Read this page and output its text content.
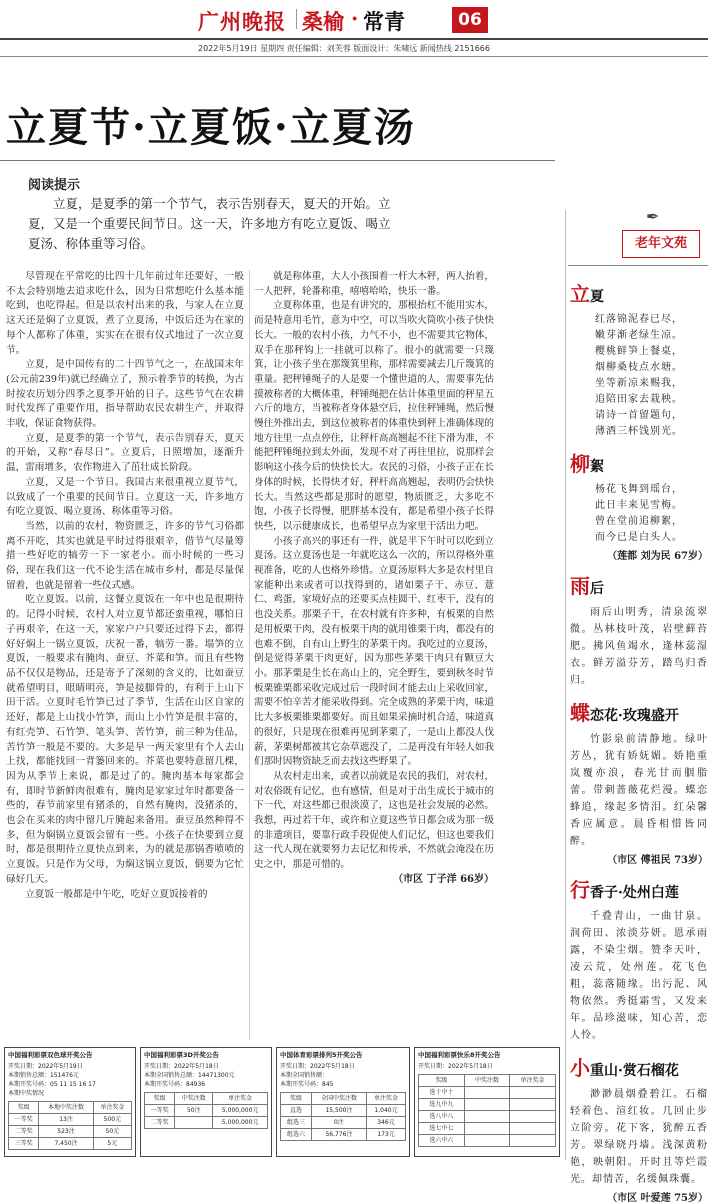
广州晚报 桑榆 · 常青	06
2022年5月19日 星期四 责任编辑：刘芙蓉 版面设计：朱啸远 新闻热线 2151666
立夏节·立夏饭·立夏汤
阅读提示
立夏，是夏季的第一个节气，表示告别春天，夏天的开始。立夏，又是一个重要民间节日。这一天，许多地方有吃立夏饭、喝立夏汤、称体重等习俗。

尽管现在平常吃的比四十几年前过年还要好，一般不太会特别地去追求吃什么，因为日常想吃什么基本能吃到，也吃得起。但是以农村出来的我，与家人在立夏这天还是焖了立夏饭，煮了立夏汤，中饭后还为在家的每个人都称了体重，实实在在很有仪式地过了一次立夏节。

立夏，是中国传有的二十四节气之一，在战国末年(公元前239年)就已经确立了，预示着季节的转换，为古时按农历划分四季之夏季开始的日子。这些节气在农耕时代发挥了重要作用，指导帮助农民农耕生产，并取得丰收，保证食物获得。

立夏，是夏季的第一个节气，表示告别春天，夏天的开始，又称“春尽日”。立夏后，日照增加，逐渐升温，雷雨增多，农作物进入了茁壮成长阶段。

立夏，又是一个节日。我国古来很重视立夏节气，以致成了一个重要的民间节日。立夏这一天，许多地方有吃立夏饭、喝立夏汤、称体重等习俗。

当然，以前的农村，物资匮乏，许多的节气习俗都离不开吃，其实也就是平时过得很艰辛，借节气尽量筹措一些好吃的犒劳一下一家老小。而小时候的一些习俗，现在我们这一代不论生活在城市乡村，都是尽量保留着，也就是留着一些仪式感。

吃立夏饭。以前，这餐立夏饭在一年中也是很期待的。记得小时候，农村人对立夏节都还蛮重视，哪怕日子再艰辛，在这一天，家家户户只要还过得下去，都得好好焖上一锅立夏饭，庆祝一番，犒劳一番。塌笋的立夏饭，一般要求有腌肉、蚕豆、芥菜和笋。而且有些物品不仅仅是物品，还是寄予了深刻的含义的，比如蚕豆就希望明目，眼睛明亮，笋是接脚骨的，有利于上山下田干活。立夏时毛竹笋已过了季节，生活在山区自家的还好，都是上山找小竹笋，而山上小竹笋是很丰富的，有红壳笋、石竹笋、笔头笋、苦竹笋，前三种为佳品，苦竹笋一般是不要的。大多是早一两天家里有个人去山上找，都能找回一背篓回来的。芥菜也要特意留几棵，因为从季节上来说，都是过了的。腌肉基本每家都会有，即时节新鲜肉很难有，腌肉是家家过年时都要备一些的，春节前家里有猪杀的，自然有腌肉，没猪杀的，也会在买来的肉中留几斤腌起来备用。蚕豆虽然种得不多，但为焖锅立夏饭会留有一些。小孩子在快要到立夏时，都是很期待立夏快点到来，为的就是那锅香喷喷的立夏饭。只是作为父母，为焖这锅立夏饭，倒要为它忙碌好几天。

立夏饭一般都是中午吃，吃好立夏饭接着的

就是称体重，大人小孩围着一杆大木秤，两人抬着，一人把秤，轮番称重，嘻嘻哈哈，快乐一番。

立夏称体重，也是有讲究的，那根抬杠不能用实木，而是特意用毛竹，意为中空，可以当吹火筒吹小孩子快快长大。一般的农村小孩，力气不小，也不需要其它物体，双手在那秤钩上一挂就可以称了。很小的就需要一只篾箕，让小孩子坐在那篾箕里称，那样需要减去几斤篾箕的重量。把秤锤绳子的人是要一个懂世道的人，需要事先估摸被称者的大概体重，秤锤绳把在估计体重里面的秤星五六斤的地方，当被称者身体悬空后，拉住秤锤绳，然后慢慢往外推出去，到这位被称者的体重快到秤上准确体现的地方往里一点点停住，让秤杆高高翘起不往下滑为准，不能把秤锤绳拉到太外面，发现不对了再往里拉，说那样会影响这小孩今后的快快长大。农民的习俗，小孩子正在长身体的时候，长得快才好，秤杆高高翘起，表明仍会快快长大。当然这些都是那时的愿望，物质匮乏，大多吃不饱，小孩子长得慢，肥胖基本没有，都是希望小孩子长得快些，以示健康成长，也希望早点为家里干活出力吧。

小孩子高兴的事还有一件，就是半下午时可以吃到立夏汤。这立夏汤也是一年就吃这么一次的，所以得格外重视准备，吃的人也格外珍惜。立夏汤原料大多是农村里自家能种出来或者可以找得到的，诸如栗子干、赤豆、薏仁、鸡蛋，家境好点的还要买点桂圆干、红枣干，没有的也没关系。那栗子干，在农村就有许多种，有板栗的自然是用板栗干肉，没有板栗干肉的就用锥栗干肉，都没有的也难不倒，自有山上野生的茅栗干肉。我吃过的立夏汤，倒是觉得茅栗干肉更好，因为那些茅栗干肉只有颗豆大小。那茅栗是生长在高山上的，完全野生，要到秋冬时节板栗锥栗都采收完成过后一段时间才能去山上采收回家，需要不怕辛苦才能采收得到。完全成熟的茅栗干肉，味道比大多板栗锥栗都要好。而且如果采摘时机合适，味道真的很好，只是现在很难再见到茅栗了，一是山上都没人伐薪，茅栗树都被其它杂草遮没了，二是再没有年轻人如我们那时因物资缺乏而去找这些野果了。

从农村走出来，或者以前就是农民的我们，对农村，对农俗既有记忆，也有感情，但是对于出生成长于城市的下一代，对这些都已很淡漠了，这也是社会发展的必然。我想，再过若干年，或许和立夏这些节日都会成为那一级的非遗项目，要靠行政手段促使人们记忆，但这也要我们这一代人现在就要努力去记忆和传承，不然就会淹没在历史之中，那是可惜的。

（市区 丁子洋 66岁）
✒
老年文苑
立夏
红落锦泥春已尽，
嫩芽渐老绿生凉。
樱桃鲜笋上餐桌，
烟柳桑枝点水塘。
坐等新凉来赐我，
追陪田家去栽秧。
请诗一首留题句，
薄酒三杯饯别光。
柳絮
杨花飞舞到瑶台，
此日丰来见雪梅。
曾在堂前追柳絮，
而今已是白头人。
（莲都 刘为民 67岁）
雨后
雨后山明秀，清泉流翠微。丛林枝叶茂，岩壁藓苔肥。拂风鱼竭水，逢林蕊湿衣。鲜芳溢芬芳，踏鸟归香归。
蝶恋花·玫瑰盛开
竹影泉前清静地。绿叶芳丛，犹有娇妩媚。娇艳重岚覆亦浪，春光甘而胭脂蕾。带刺蔷薇花烂漫。蝶恋蜂追，缘起多情泪。红朵馨香应属意。晨昏相惜皆同醉。
（市区 傅祖民 73岁）
行香子·处州白莲
千叠青山，一曲甘泉。润荷田、浓淡芬妍。恩承雨露，不染尘烟。赞李天叶，凌云荒，处州莲。花飞色粗，蕊落随缘。出污泥、风物依然。秀挺霜雪，又发来年。品珍滋味，知心苦，恋人怜。
小重山·赏石榴花
渺渺晨烟叠碧江。石榴轻着色、渲红妆。几回止步立阶旁。花下客，犹醉五香芳。翠绿晓丹墙。浅深黄粉艳，映朝阳。开时且等烂霞光。却情苦，名缓佩珠囊。
（市区 叶爱莲 75岁）
中国福利彩票双色球开奖公告
开奖日期：2022年5月19日
本期销售总额：151476元
本期开奖号码：05 11 15 16 17
本期中奖情况
奖级	本地中奖注数	单注奖金
一等奖	13注	500元
二等奖	523注	50元
三等奖	7,450注	5元
中国福利彩票3D开奖公告
开奖日期：2022年5月18日
本期全国销售总额：14471300元
本期开奖号码：84936
奖级	中奖注数	单注奖金
一等奖	50注	5,000,000元
二等奖		5,000,000元
中国体育彩票排列5开奖公告
开奖日期：2022年5月18日
本期全国销售额：
本期开奖号码：845
奖级	全国中奖注数	单注奖金
直选	15,500注	1,040元
组选三	0注	346元
组选六	56,776注	173元
中国福利彩票快乐8开奖公告
开奖日期：2022年5月18日
奖级	中奖注数	单注奖金
选十中十		
选九中九		
选八中八		
选七中七		
选六中六		
